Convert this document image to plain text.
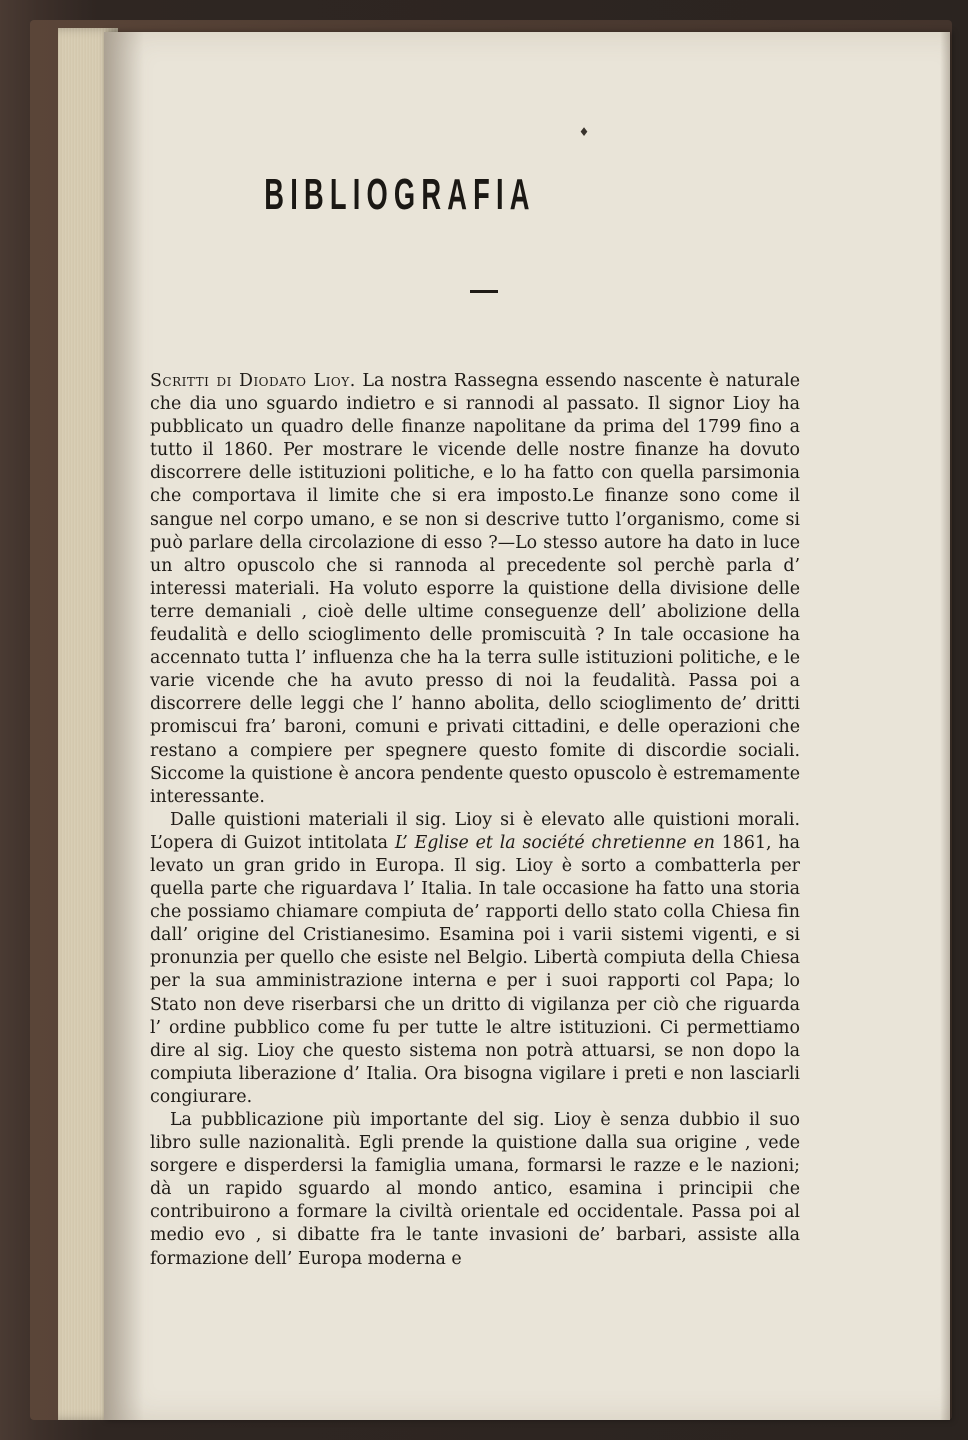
♦
BIBLIOGRAFIA

Scritti di Diodato Lioy. La nostra Rassegna essendo nascente è naturale che dia uno sguardo indietro e si rannodi al passato. Il signor Lioy ha pubblicato un quadro delle finanze napolitane da prima del 1799 fino a tutto il 1860. Per mostrare le vicende delle nostre finanze ha dovuto discorrere delle istituzioni politiche, e lo ha fatto con quella parsimonia che comportava il limite che si era imposto.Le finanze sono come il sangue nel corpo umano, e se non si descrive tutto l’organismo, come si può parlare della circolazione di esso ?—Lo stesso autore ha dato in luce un altro opuscolo che si rannoda al precedente sol perchè parla d’ interessi materiali. Ha voluto esporre la quistione della divisione delle terre demaniali , cioè delle ultime conseguenze dell’ abolizione della feudalità e dello scioglimento delle promiscuità ? In tale occasione ha accennato tutta l’ influenza che ha la terra sulle istituzioni politiche, e le varie vicende che ha avuto presso di noi la feudalità. Passa poi a discorrere delle leggi che l’ hanno abolita, dello scioglimento de’ dritti promiscui fra’ baroni, comuni e privati cittadini, e delle operazioni che restano a compiere per spegnere questo fomite di discordie sociali. Siccome la quistione è ancora pendente questo opuscolo è estremamente interessante.

Dalle quistioni materiali il sig. Lioy si è elevato alle quistioni morali. L’opera di Guizot intitolata L’ Eglise et la société chretienne en 1861, ha levato un gran grido in Europa. Il sig. Lioy è sorto a combatterla per quella parte che riguardava l’ Italia. In tale occasione ha fatto una storia che possiamo chiamare compiuta de’ rapporti dello stato colla Chiesa fin dall’ origine del Cristianesimo. Esamina poi i varii sistemi vigenti, e si pronunzia per quello che esiste nel Belgio. Libertà compiuta della Chiesa per la sua amministrazione interna e per i suoi rapporti col Papa; lo Stato non deve riserbarsi che un dritto di vigilanza per ciò che riguarda l’ ordine pubblico come fu per tutte le altre istituzioni. Ci permettiamo dire al sig. Lioy che questo sistema non potrà attuarsi, se non dopo la compiuta liberazione d’ Italia. Ora bisogna vigilare i preti e non lasciarli congiurare.

La pubblicazione più importante del sig. Lioy è senza dubbio il suo libro sulle nazionalità. Egli prende la quistione dalla sua origine , vede sorgere e disperdersi la famiglia umana, formarsi le razze e le nazioni; dà un rapido sguardo al mondo antico, esamina i principii che contribuirono a formare la civiltà orientale ed occidentale. Passa poi al medio evo , si dibatte fra le tante invasioni de’ barbari, assiste alla formazione dell’ Europa moderna e
